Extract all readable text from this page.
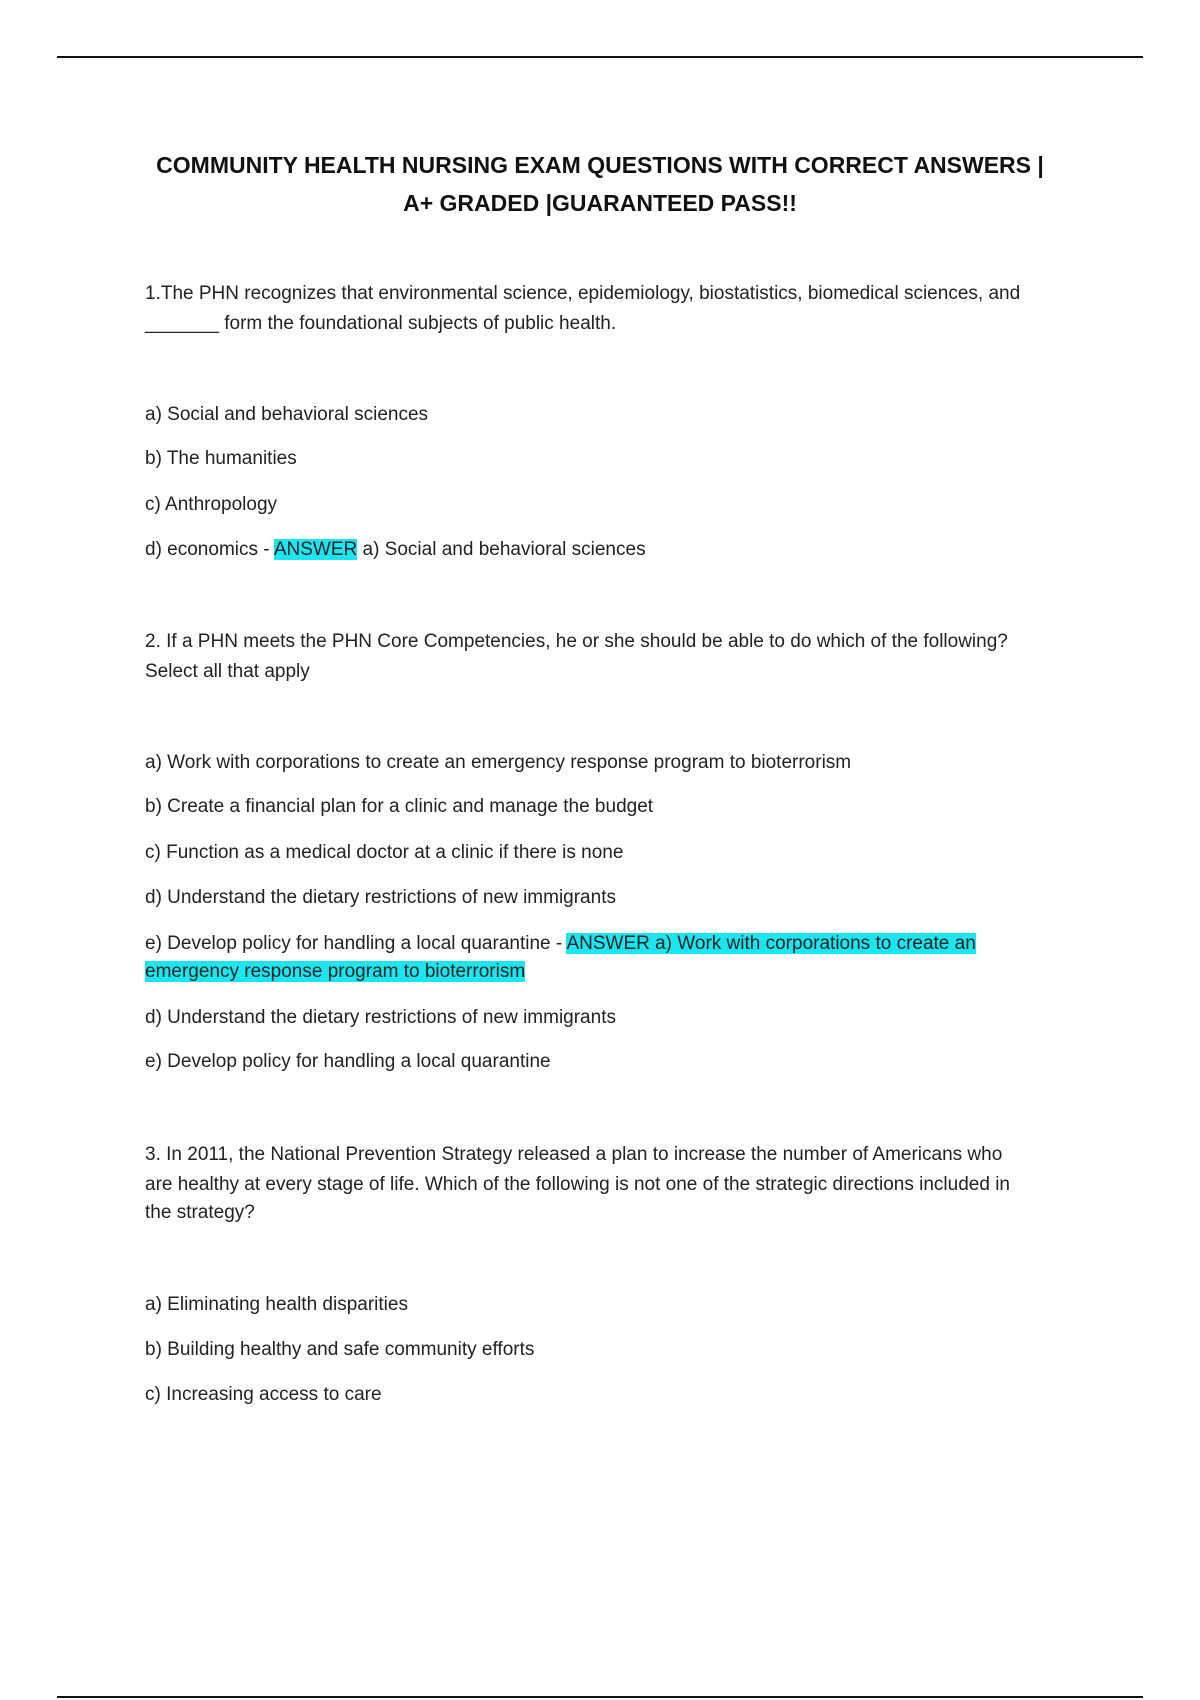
COMMUNITY HEALTH NURSING EXAM QUESTIONS WITH CORRECT ANSWERS |
A+ GRADED |GUARANTEED PASS!!
1.The PHN recognizes that environmental science, epidemiology, biostatistics, biomedical sciences, and
_______ form the foundational subjects of public health.
a) Social and behavioral sciences
b) The humanities
c) Anthropology
d) economics - ANSWER a) Social and behavioral sciences
2. If a PHN meets the PHN Core Competencies, he or she should be able to do which of the following?
Select all that apply
a) Work with corporations to create an emergency response program to bioterrorism
b) Create a financial plan for a clinic and manage the budget
c) Function as a medical doctor at a clinic if there is none
d) Understand the dietary restrictions of new immigrants
e) Develop policy for handling a local quarantine - ANSWER a) Work with corporations to create an
emergency response program to bioterrorism
d) Understand the dietary restrictions of new immigrants
e) Develop policy for handling a local quarantine
3. In 2011, the National Prevention Strategy released a plan to increase the number of Americans who
are healthy at every stage of life. Which of the following is not one of the strategic directions included in
the strategy?
a) Eliminating health disparities
b) Building healthy and safe community efforts
c) Increasing access to care
